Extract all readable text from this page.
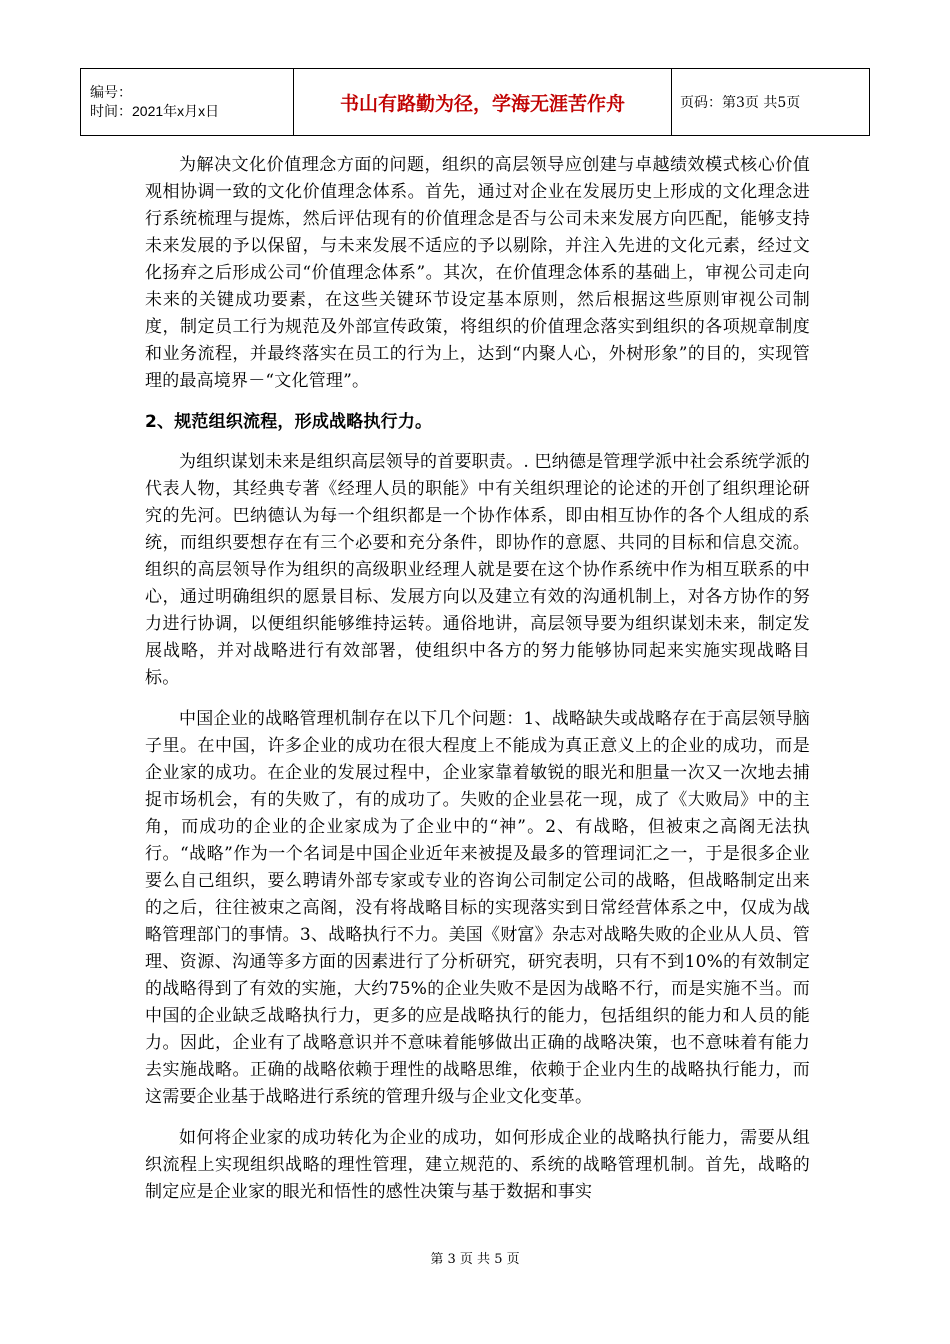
编号：
时间：2021年x月x日	书山有路勤为径，学海无涯苦作舟	页码：第3页 共5页

为解决文化价值理念方面的问题，组织的高层领导应创建与卓越绩效模式核心价值观相协调一致的文化价值理念体系。首先，通过对企业在发展历史上形成的文化理念进行系统梳理与提炼，然后评估现有的价值理念是否与公司未来发展方向匹配，能够支持未来发展的予以保留，与未来发展不适应的予以剔除，并注入先进的文化元素，经过文化扬弃之后形成公司“价值理念体系”。其次，在价值理念体系的基础上，审视公司走向未来的关键成功要素，在这些关键环节设定基本原则，然后根据这些原则审视公司制度，制定员工行为规范及外部宣传政策，将组织的价值理念落实到组织的各项规章制度和业务流程，并最终落实在员工的行为上，达到“内聚人心，外树形象”的目的，实现管理的最高境界－“文化管理”。

2、规范组织流程，形成战略执行力。

为组织谋划未来是组织高层领导的首要职责。. 巴纳德是管理学派中社会系统学派的代表人物，其经典专著《经理人员的职能》中有关组织理论的论述的开创了组织理论研究的先河。巴纳德认为每一个组织都是一个协作体系，即由相互协作的各个人组成的系统，而组织要想存在有三个必要和充分条件，即协作的意愿、共同的目标和信息交流。组织的高层领导作为组织的高级职业经理人就是要在这个协作系统中作为相互联系的中心，通过明确组织的愿景目标、发展方向以及建立有效的沟通机制上，对各方协作的努力进行协调，以便组织能够维持运转。通俗地讲，高层领导要为组织谋划未来，制定发展战略，并对战略进行有效部署，使组织中各方的努力能够协同起来实施实现战略目标。

中国企业的战略管理机制存在以下几个问题：1、战略缺失或战略存在于高层领导脑子里。在中国，许多企业的成功在很大程度上不能成为真正意义上的企业的成功，而是企业家的成功。在企业的发展过程中，企业家靠着敏锐的眼光和胆量一次又一次地去捕捉市场机会，有的失败了，有的成功了。失败的企业昙花一现，成了《大败局》中的主角，而成功的企业的企业家成为了企业中的“神”。2、有战略，但被束之高阁无法执行。“战略”作为一个名词是中国企业近年来被提及最多的管理词汇之一，于是很多企业要么自己组织，要么聘请外部专家或专业的咨询公司制定公司的战略，但战略制定出来的之后，往往被束之高阁，没有将战略目标的实现落实到日常经营体系之中，仅成为战略管理部门的事情。3、战略执行不力。美国《财富》杂志对战略失败的企业从人员、管理、资源、沟通等多方面的因素进行了分析研究，研究表明，只有不到10%的有效制定的战略得到了有效的实施，大约75%的企业失败不是因为战略不行，而是实施不当。而中国的企业缺乏战略执行力，更多的应是战略执行的能力，包括组织的能力和人员的能力。因此，企业有了战略意识并不意味着能够做出正确的战略决策，也不意味着有能力去实施战略。正确的战略依赖于理性的战略思维，依赖于企业内生的战略执行能力，而这需要企业基于战略进行系统的管理升级与企业文化变革。

如何将企业家的成功转化为企业的成功，如何形成企业的战略执行能力，需要从组织流程上实现组织战略的理性管理，建立规范的、系统的战略管理机制。首先，战略的制定应是企业家的眼光和悟性的感性决策与基于数据和事实

第 3 页 共 5 页
